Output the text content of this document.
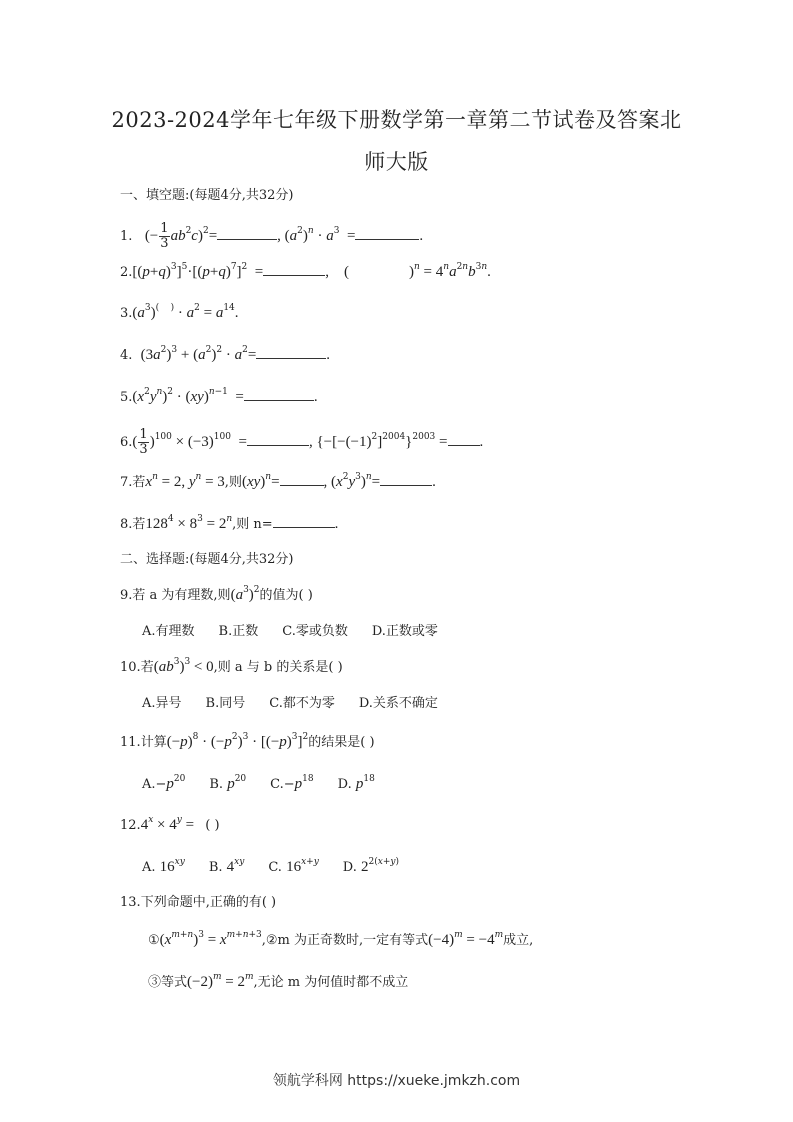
2023-2024学年七年级下册数学第一章第二节试卷及答案北
师大版
一、填空题:(每题4分,共32分)
1. (− $\frac{1}{3} ab^2c)^2=$	, $(a^2)^n \cdot a^3$  =	.
$2.[(p+q)^3]^5\cdot[(p+q)^7]^2$  =	,    (                )$^n = 4^na^{2n}b^{3n}$.
$3.(a^3)^{( )} \cdot a^2 = a^{14}$.
4. $(3a^2)^3 + (a^2)^2 \cdot a^2=$	.
$5.(x^2y^n)^2 \cdot (xy)^{n-1}$  =	.
$6.( \frac{1}{3} )^{100} \times (-3)^{100}$  =	, $\{-[-(-1)^2]^{2004}\}^{2003}$ = .
7.若$x^n = 2$, $y^n = 3$,则(xy)$^n$=	, $(x^2y^3)^n=$	.
8.若$128^4 \times 8^3 = 2^n$,则 n=	.
二、选择题:(每题4分,共32分)
9.若 a 为有理数,则$(a^3)^2$的值为( )
A.有理数 B.正数 C.零或负数 D.正数或零
10.若$(ab^3)^3 < 0$,则 a 与 b 的关系是( )
A.异号 B.同号 C.都不为零 D.关系不确定
11.计算$(-p)^8 \cdot (-p^2)^3 \cdot [(-p)^3]^2$的结果是( )
$A.-p^{20}$ B. $p^{20}$ $C.-p^{18}$ D. $p^{18}$
$12.4^x \times 4^y$ =   ( )
A. $16^{xy}$ B. $4^{xy}$ C. $16^{x+y}$ D. $2^{2(x+y)}$
13.下列命题中,正确的有( )
$①(x^{m+n})^3$ = $x^{m+n+3},②m$ 为正奇数时,一定有等式$(-4)^m = -4^m$成立,
③等式$(-2)^m = 2^m$,无论 m 为何值时都不成立
领航学科网 https://xueke.jmkzh.com
